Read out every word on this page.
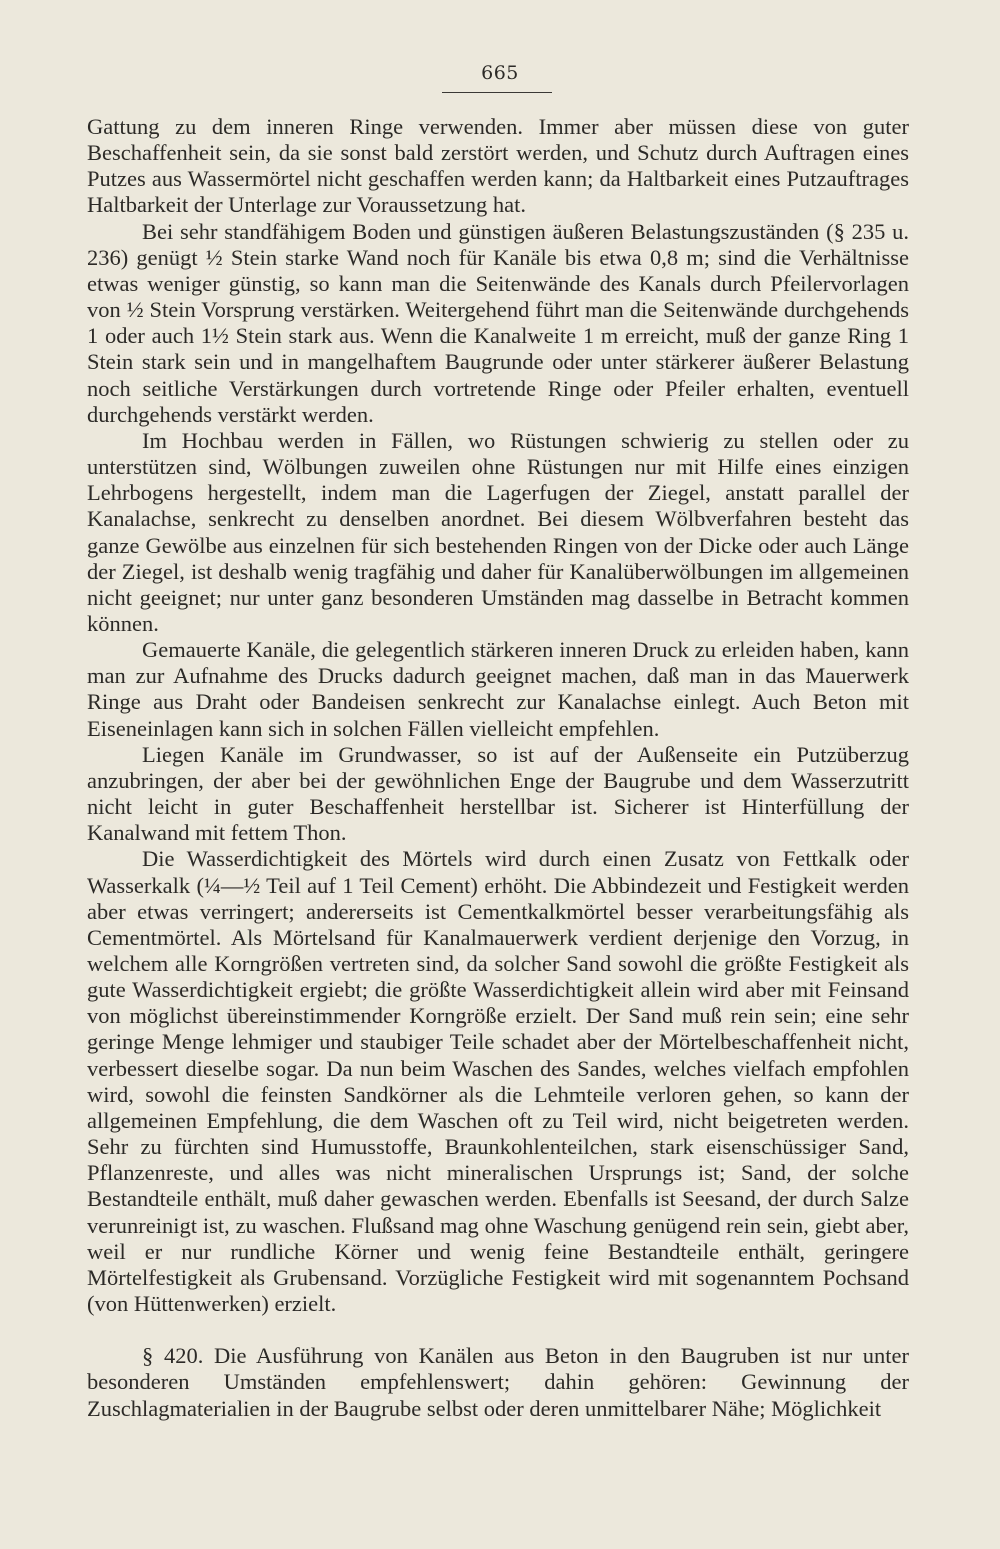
665

Gattung zu dem inneren Ringe verwenden. Immer aber müssen diese von guter Beschaffenheit sein, da sie sonst bald zerstört werden, und Schutz durch Auftragen eines Putzes aus Wassermörtel nicht geschaffen werden kann; da Haltbarkeit eines Putzauftrages Haltbarkeit der Unterlage zur Voraussetzung hat.

Bei sehr standfähigem Boden und günstigen äußeren Belastungszuständen (§ 235 u. 236) genügt ½ Stein starke Wand noch für Kanäle bis etwa 0,8 m; sind die Verhältnisse etwas weniger günstig, so kann man die Seitenwände des Kanals durch Pfeilervorlagen von ½ Stein Vorsprung verstärken. Weitergehend führt man die Seitenwände durchgehends 1 oder auch 1½ Stein stark aus. Wenn die Kanalweite 1 m erreicht, muß der ganze Ring 1 Stein stark sein und in mangelhaftem Baugrunde oder unter stärkerer äußerer Belastung noch seitliche Verstärkungen durch vortretende Ringe oder Pfeiler erhalten, eventuell durchgehends verstärkt werden.

Im Hochbau werden in Fällen, wo Rüstungen schwierig zu stellen oder zu unterstützen sind, Wölbungen zuweilen ohne Rüstungen nur mit Hilfe eines einzigen Lehrbogens hergestellt, indem man die Lagerfugen der Ziegel, anstatt parallel der Kanalachse, senkrecht zu denselben anordnet. Bei diesem Wölbverfahren besteht das ganze Gewölbe aus einzelnen für sich bestehenden Ringen von der Dicke oder auch Länge der Ziegel, ist deshalb wenig tragfähig und daher für Kanalüberwölbungen im allgemeinen nicht geeignet; nur unter ganz besonderen Umständen mag dasselbe in Betracht kommen können.

Gemauerte Kanäle, die gelegentlich stärkeren inneren Druck zu erleiden haben, kann man zur Aufnahme des Drucks dadurch geeignet machen, daß man in das Mauerwerk Ringe aus Draht oder Bandeisen senkrecht zur Kanalachse einlegt. Auch Beton mit Eiseneinlagen kann sich in solchen Fällen vielleicht empfehlen.

Liegen Kanäle im Grundwasser, so ist auf der Außenseite ein Putzüberzug anzubringen, der aber bei der gewöhnlichen Enge der Baugrube und dem Wasserzutritt nicht leicht in guter Beschaffenheit herstellbar ist. Sicherer ist Hinterfüllung der Kanalwand mit fettem Thon.

Die Wasserdichtigkeit des Mörtels wird durch einen Zusatz von Fettkalk oder Wasserkalk (¼—½ Teil auf 1 Teil Cement) erhöht. Die Abbindezeit und Festigkeit werden aber etwas verringert; andererseits ist Cementkalkmörtel besser verarbeitungsfähig als Cementmörtel. Als Mörtelsand für Kanalmauerwerk verdient derjenige den Vorzug, in welchem alle Korngrößen vertreten sind, da solcher Sand sowohl die größte Festigkeit als gute Wasserdichtigkeit ergiebt; die größte Wasserdichtigkeit allein wird aber mit Feinsand von möglichst übereinstimmender Korngröße erzielt. Der Sand muß rein sein; eine sehr geringe Menge lehmiger und staubiger Teile schadet aber der Mörtelbeschaffenheit nicht, verbessert dieselbe sogar. Da nun beim Waschen des Sandes, welches vielfach empfohlen wird, sowohl die feinsten Sandkörner als die Lehmteile verloren gehen, so kann der allgemeinen Empfehlung, die dem Waschen oft zu Teil wird, nicht beigetreten werden. Sehr zu fürchten sind Humusstoffe, Braunkohlenteilchen, stark eisenschüssiger Sand, Pflanzenreste, und alles was nicht mineralischen Ursprungs ist; Sand, der solche Bestandteile enthält, muß daher gewaschen werden. Ebenfalls ist Seesand, der durch Salze verunreinigt ist, zu waschen. Flußsand mag ohne Waschung genügend rein sein, giebt aber, weil er nur rundliche Körner und wenig feine Bestandteile enthält, geringere Mörtelfestigkeit als Grubensand. Vorzügliche Festigkeit wird mit sogenanntem Pochsand (von Hüttenwerken) erzielt.

§ 420. Die Ausführung von Kanälen aus Beton in den Baugruben ist nur unter besonderen Umständen empfehlenswert; dahin gehören: Gewinnung der Zuschlagmaterialien in der Baugrube selbst oder deren unmittelbarer Nähe; Möglichkeit
